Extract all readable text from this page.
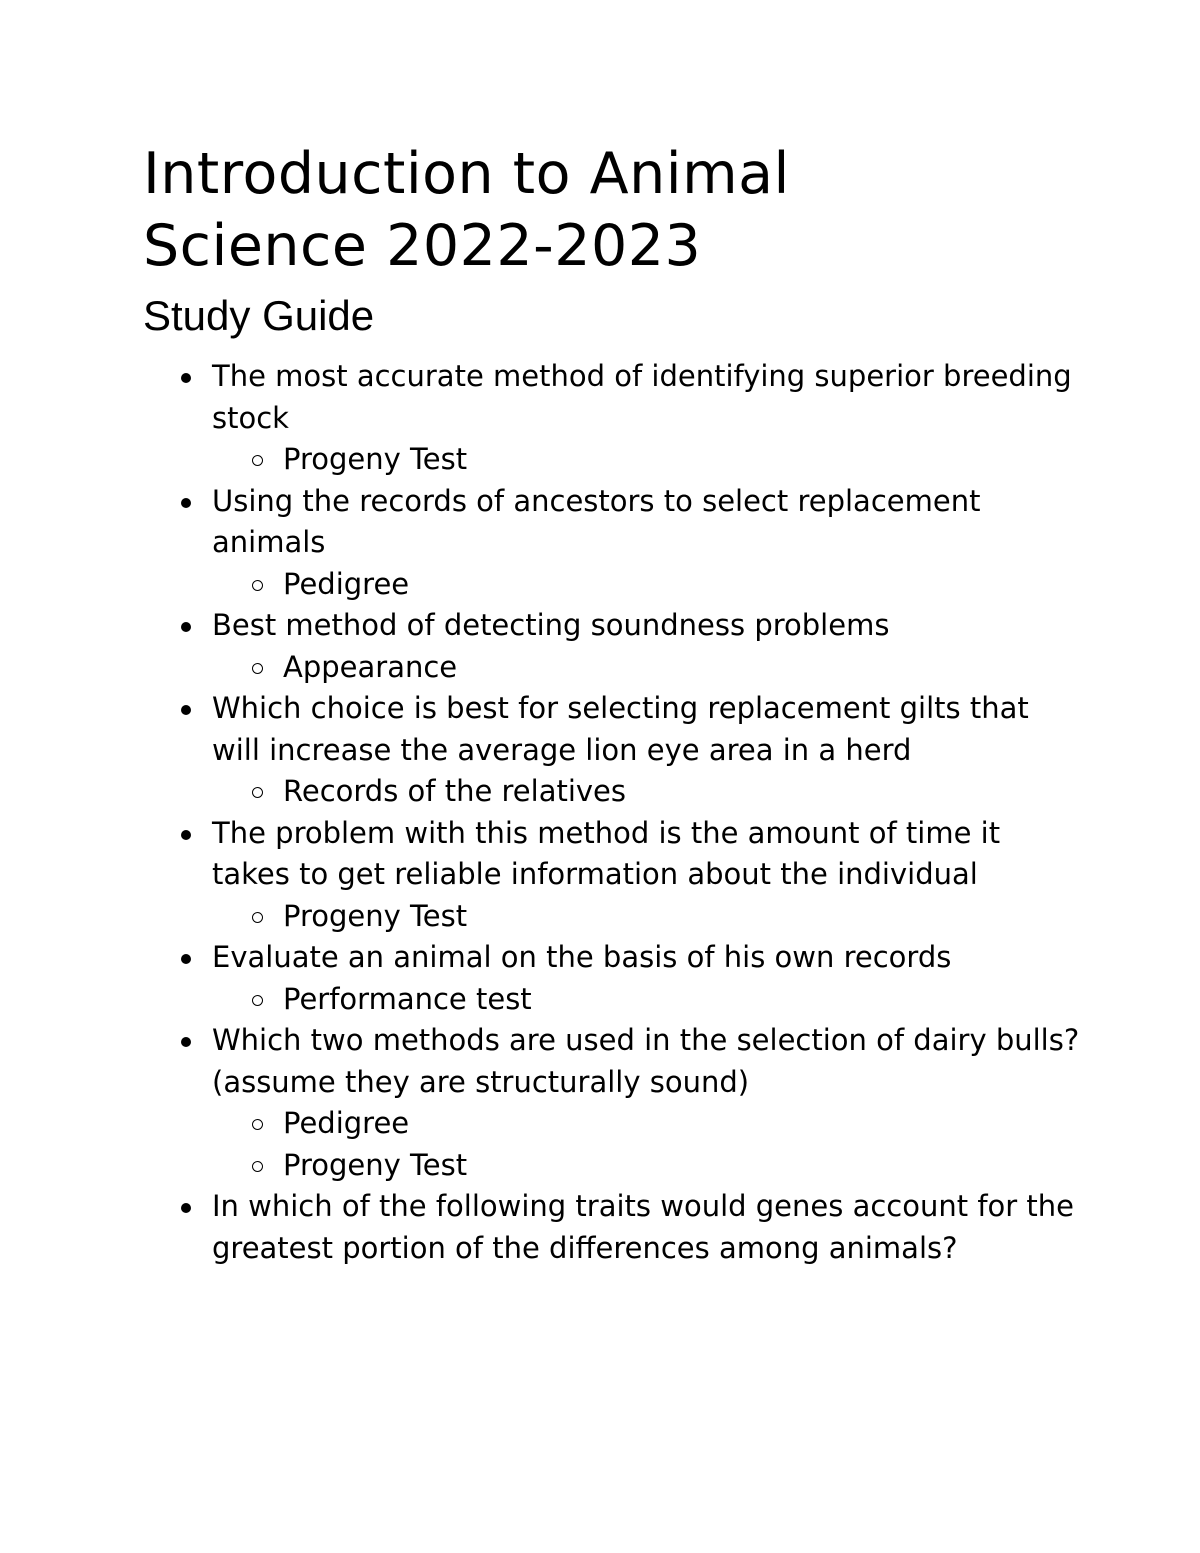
Introduction to Animal
Science 2022-2023
Study Guide
The most accurate method of identifying superior breeding stock
Progeny Test
Using the records of ancestors to select replacement animals
Pedigree
Best method of detecting soundness problems
Appearance
Which choice is best for selecting replacement gilts that will increase the average lion eye area in a herd
Records of the relatives
The problem with this method is the amount of time it takes to get reliable information about the individual
Progeny Test
Evaluate an animal on the basis of his own records
Performance test
Which two methods are used in the selection of dairy bulls? (assume they are structurally sound)
Pedigree
Progeny Test
In which of the following traits would genes account for the greatest portion of the differences among animals?
